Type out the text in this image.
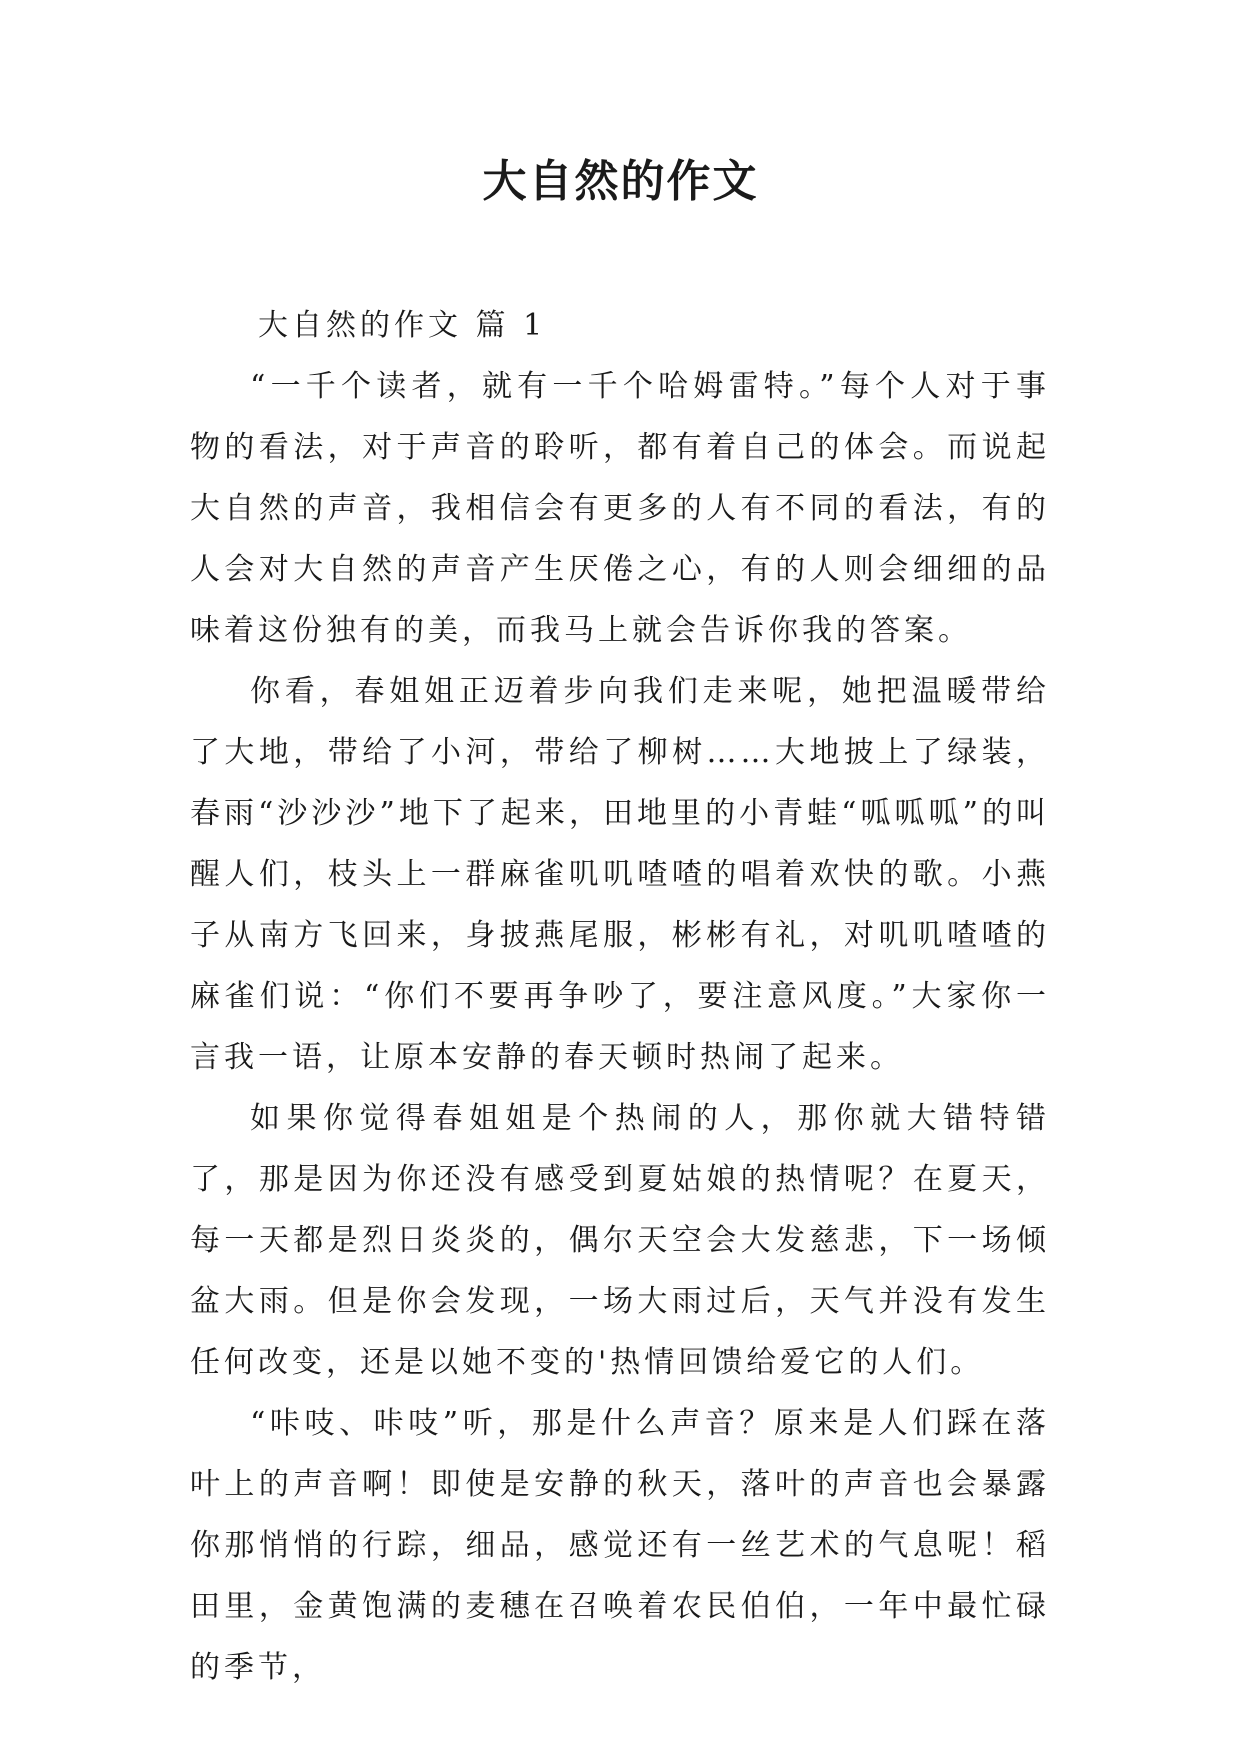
大自然的作文

大自然的作文 篇 1

“一千个读者，就有一千个哈姆雷特。”每个人对于事物的看法，对于声音的聆听，都有着自己的体会。而说起大自然的声音，我相信会有更多的人有不同的看法，有的人会对大自然的声音产生厌倦之心，有的人则会细细的品味着这份独有的美，而我马上就会告诉你我的答案。

你看，春姐姐正迈着步向我们走来呢，她把温暖带给了大地，带给了小河，带给了柳树……大地披上了绿装，春雨“沙沙沙”地下了起来，田地里的小青蛙“呱呱呱”的叫醒人们，枝头上一群麻雀叽叽喳喳的唱着欢快的歌。小燕子从南方飞回来，身披燕尾服，彬彬有礼，对叽叽喳喳的麻雀们说：“你们不要再争吵了，要注意风度。”大家你一言我一语，让原本安静的春天顿时热闹了起来。

如果你觉得春姐姐是个热闹的人，那你就大错特错了，那是因为你还没有感受到夏姑娘的热情呢？在夏天，每一天都是烈日炎炎的，偶尔天空会大发慈悲，下一场倾盆大雨。但是你会发现，一场大雨过后，天气并没有发生任何改变，还是以她不变的'热情回馈给爱它的人们。

“咔吱、咔吱”听，那是什么声音？原来是人们踩在落叶上的声音啊！即使是安静的秋天，落叶的声音也会暴露你那悄悄的行踪，细品，感觉还有一丝艺术的气息呢！稻田里，金黄饱满的麦穗在召唤着农民伯伯，一年中最忙碌的季节，
